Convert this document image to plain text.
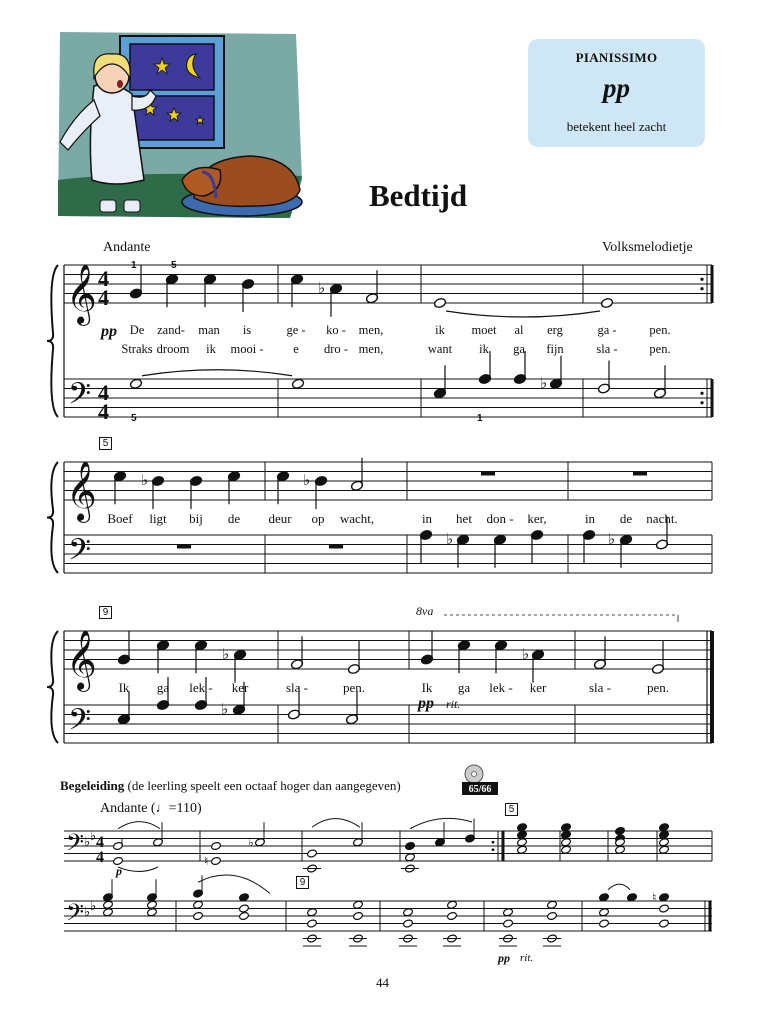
PIANISSIMO
pp
betekent heel zacht
Bedtijd
Andante	Volksmelodietje
𝄞
𝄢
4
4
4
4
♭
♭
𝄞
𝄢
♭	♭
♭	♭
𝄞
𝄢
♭	♭
♭
𝄢
𝄢
♭ ♭
♭ ♭
4
4	♮
♭
♮
De zand- man is	ge - ko - men,	ik moet al erg	ga -	pen.
Straks droom ik mooi - e dro - men,	want ik ga fijn	sla -	pen.
Boef ligt bij de deur op wacht,	in het don - ker,	in de nacht.
Ik ga lek - ker	sla -	pen.	Ik ga lek - ker	sla -	pen.
pp
1	5
5	1
5
9	8va
pp rit.
Begeleiding (de leerling speelt een octaaf hoger dan aangegeven)	65/66
Andante (♩=110)
p
5
9
pp rit.
44
